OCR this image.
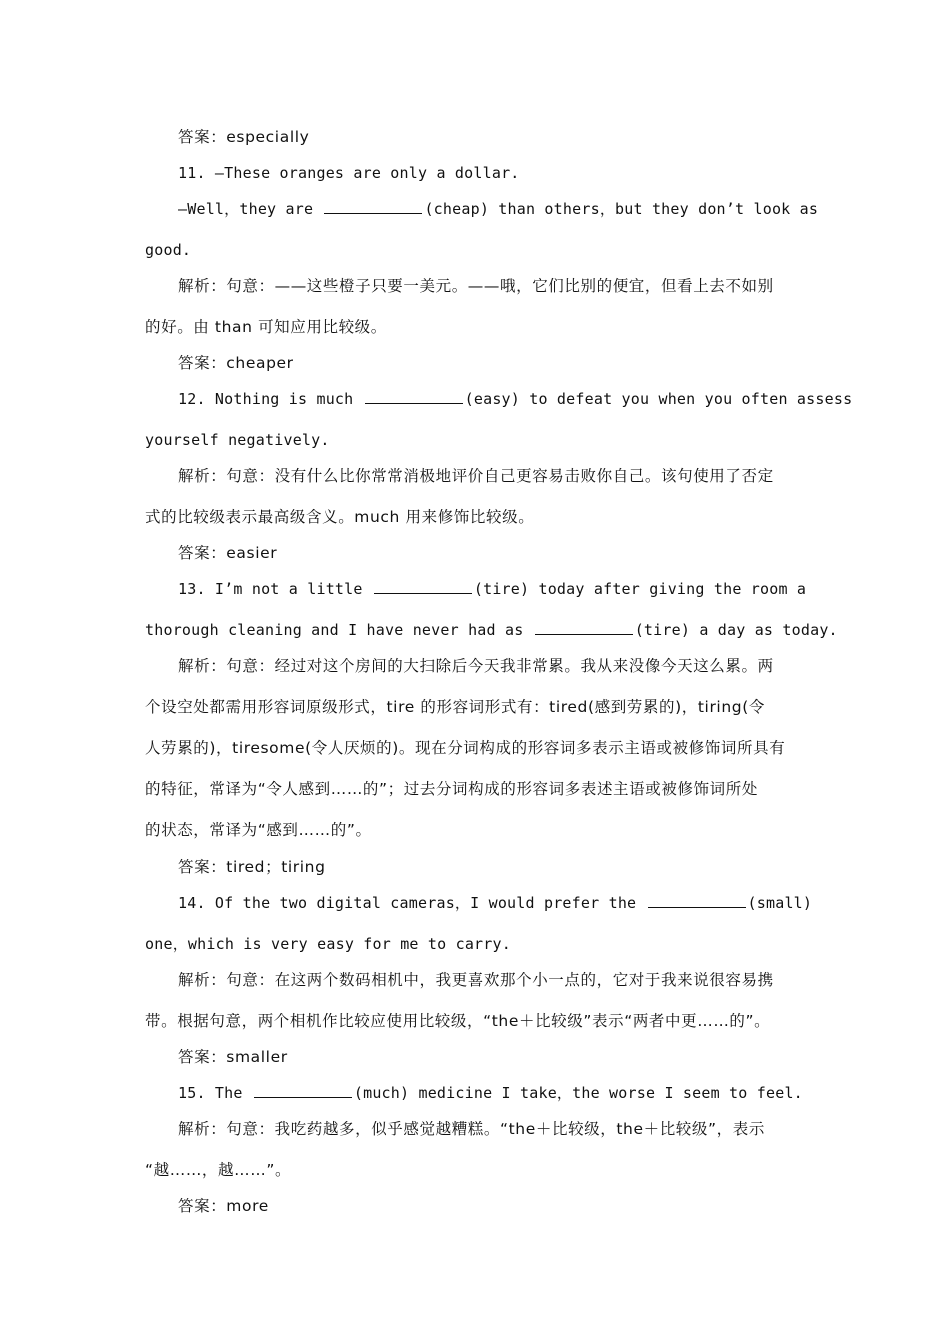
答案：especially
11. —These oranges are only a dollar.
—Well，they are	(cheap) than others，but they don’t look as
good.
解析：句意：——这些橙子只要一美元。——哦，它们比别的便宜，但看上去不如别
的好。由 than 可知应用比较级。
答案：cheaper
12. Nothing is much	(easy) to defeat you when you often assess
yourself negatively.
解析：句意：没有什么比你常常消极地评价自己更容易击败你自己。该句使用了否定
式的比较级表示最高级含义。much 用来修饰比较级。
答案：easier
13. I’m not a little	(tire) today after giving the room a
thorough cleaning and I have never had as	(tire) a day as today.
解析：句意：经过对这个房间的大扫除后今天我非常累。我从来没像今天这么累。两
个设空处都需用形容词原级形式，tire 的形容词形式有：tired(感到劳累的)，tiring(令
人劳累的)，tiresome(令人厌烦的)。现在分词构成的形容词多表示主语或被修饰词所具有
的特征，常译为“令人感到……的”；过去分词构成的形容词多表述主语或被修饰词所处
的状态，常译为“感到……的”。
答案：tired；tiring
14. Of the two digital cameras，I would prefer the	(small)
one，which is very easy for me to carry.
解析：句意：在这两个数码相机中，我更喜欢那个小一点的，它对于我来说很容易携
带。根据句意，两个相机作比较应使用比较级，“the＋比较级”表示“两者中更……的”。
答案：smaller
15. The	(much) medicine I take，the worse I seem to feel.
解析：句意：我吃药越多，似乎感觉越糟糕。“the＋比较级，the＋比较级”，表示
“越……，越……”。
答案：more
